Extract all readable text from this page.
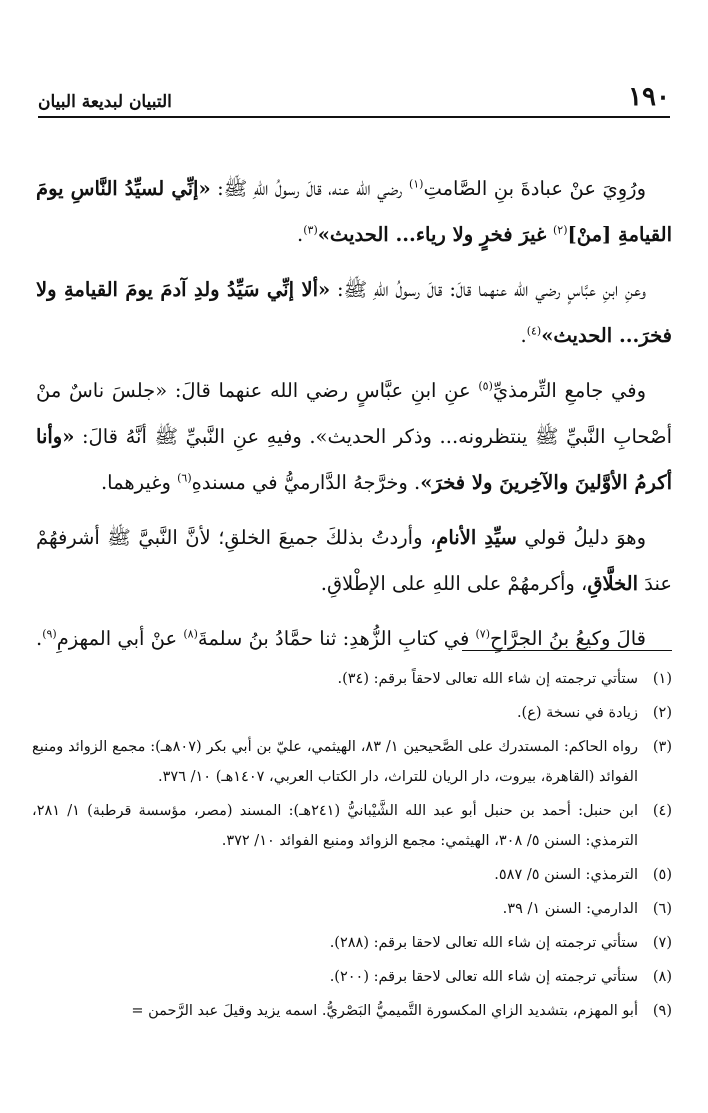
١٩٠
التبيان لبديعة البيان

ورُوِيَ عنْ عبادةَ بنِ الصَّامتِ$^{(١)}$ رضي الله عنه، قالَ رسولُ اللهِ ﷺ: «إنِّي لسيِّدُ النَّاسِ يومَ القيامةِ [منْ]$^{(٢)}$ غيرَ فخرٍ ولا رياء... الحديث»$^{(٣)}$.

وعنِ ابنِ عبَّاسٍ رضي الله عنهما قالَ: قالَ رسولُ اللهِ ﷺ: «ألا إنِّي سَيِّدُ ولدِ آدمَ يومَ القيامةِ ولا فخرَ... الحديث»$^{(٤)}$.

وفي جامعِ التِّرمذيِّ$^{(٥)}$ عنِ ابنِ عبَّاسٍ رضي الله عنهما قالَ: «جلسَ ناسٌ منْ أصْحابِ النَّبيِّ ﷺ ينتظرونه... وذكر الحديث». وفيهِ عنِ النَّبيِّ ﷺ أنَّهُ قالَ: «وأنا أكرمُ الأوَّلينَ والآخِرينَ ولا فخرَ». وخرَّجهُ الدَّارميُّ في مسندهِ$^{(٦)}$ وغيرهما.

وهوَ دليلُ قولي سيِّدِ الأنامِ، وأردتُ بذلكَ جميعَ الخلقِ؛ لأنَّ النَّبيَّ ﷺ أشرفهُمْ عندَ الخلَّاقِ، وأكرمهُمْ على اللهِ على الإطْلاقِ.

قالَ وكيعُ بنُ الجرَّاحِ$^{(٧)}$ في كتابِ الزُّهدِ: ثنا حمَّادُ بنُ سلمةَ$^{(٨)}$ عنْ أبي المهزمِ$^{(٩)}$.

(١)
ستأتي ترجمته إن شاء الله تعالى لاحقاً برقم: (٣٤).
(٢)
زيادة في نسخة (ع).
(٣)
رواه الحاكم: المستدرك على الصَّحيحين ١/ ٨٣، الهيثمي، عليّ بن أبي بكر (٨٠٧هـ): مجمع الزوائد ومنبع الفوائد (القاهرة، بيروت، دار الريان للتراث، دار الكتاب العربي، ١٤٠٧هـ) ١٠/ ٣٧٦.
(٤)
ابن حنبل: أحمد بن حنبل أبو عبد الله الشَّيْبانيُّ (٢٤١هـ): المسند (مصر، مؤسسة قرطبة) ١/ ٢٨١، الترمذي: السنن ٥/ ٣٠٨، الهيثمي: مجمع الزوائد ومنبع الفوائد ١٠/ ٣٧٢.
(٥)
الترمذي: السنن ٥/ ٥٨٧.
(٦)
الدارمي: السنن ١/ ٣٩.
(٧)
ستأتي ترجمته إن شاء الله تعالى لاحقا برقم: (٢٨٨).
(٨)
ستأتي ترجمته إن شاء الله تعالى لاحقا برقم: (٢٠٠).
(٩)
أبو المهزم، بتشديد الزاي المكسورة التَّميميُّ البَصْريُّ. اسمه يزيد وقيلَ عبد الرَّحمن =
